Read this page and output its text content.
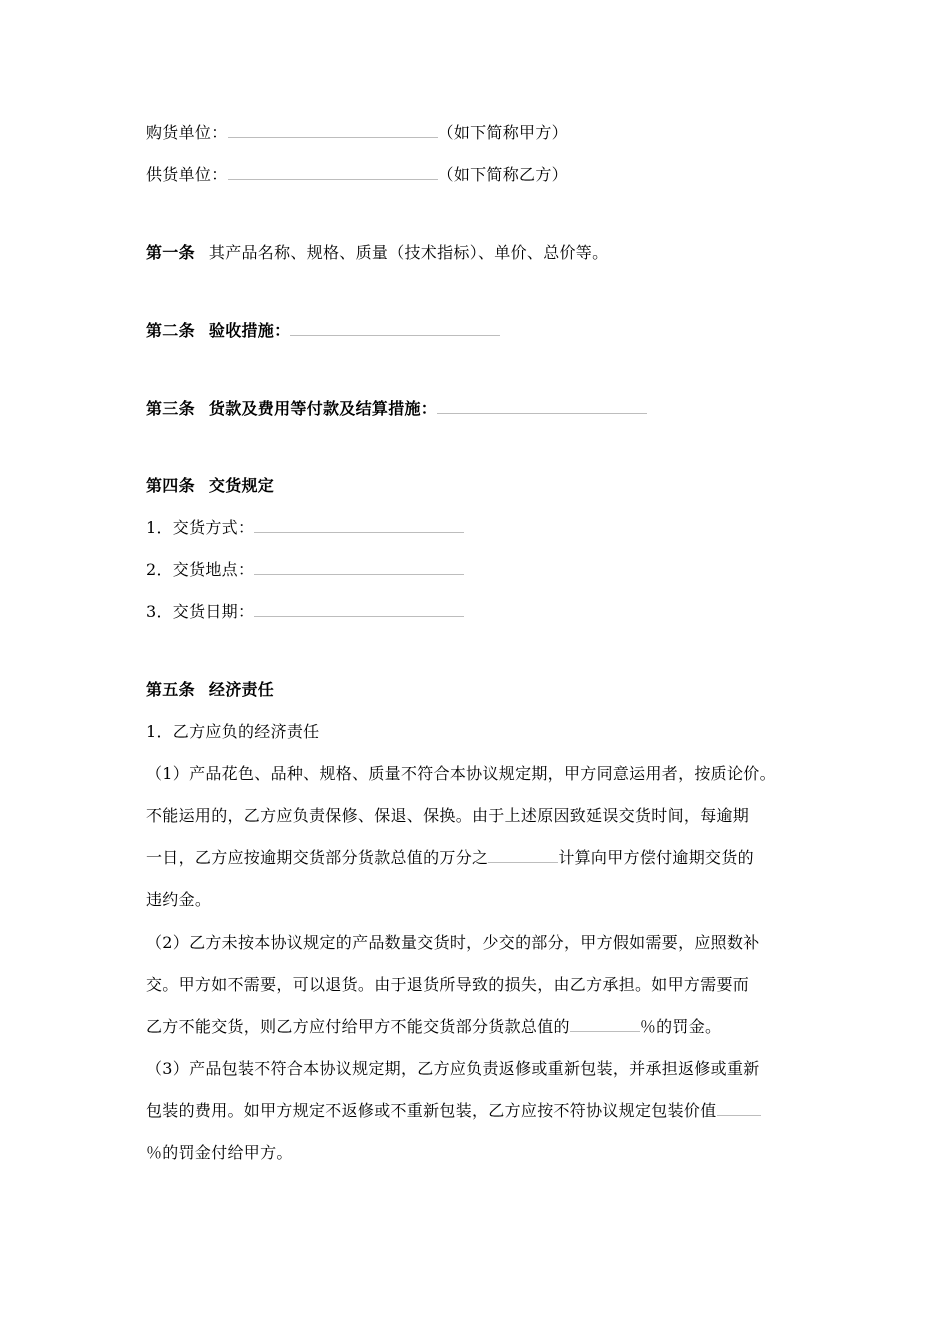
购货单位：	（如下简称甲方）
供货单位：	（如下简称乙方）
第一条 其产品名称、规格、质量（技术指标）、单价、总价等。
第二条 验收措施：
第三条 货款及费用等付款及结算措施：
第四条 交货规定
1．交货方式：
2．交货地点：
3．交货日期：
第五条 经济责任
1．乙方应负的经济责任
（1）产品花色、品种、规格、质量不符合本协议规定期，甲方同意运用者，按质论价。
不能运用的，乙方应负责保修、保退、保换。由于上述原因致延误交货时间，每逾期
一日，乙方应按逾期交货部分货款总值的万分之	计算向甲方偿付逾期交货的
违约金。
（2）乙方未按本协议规定的产品数量交货时，少交的部分，甲方假如需要，应照数补
交。甲方如不需要，可以退货。由于退货所导致的损失，由乙方承担。如甲方需要而
乙方不能交货，则乙方应付给甲方不能交货部分货款总值的	％的罚金。
（3）产品包装不符合本协议规定期，乙方应负责返修或重新包装，并承担返修或重新
包装的费用。如甲方规定不返修或不重新包装，乙方应按不符协议规定包装价值
％的罚金付给甲方。
